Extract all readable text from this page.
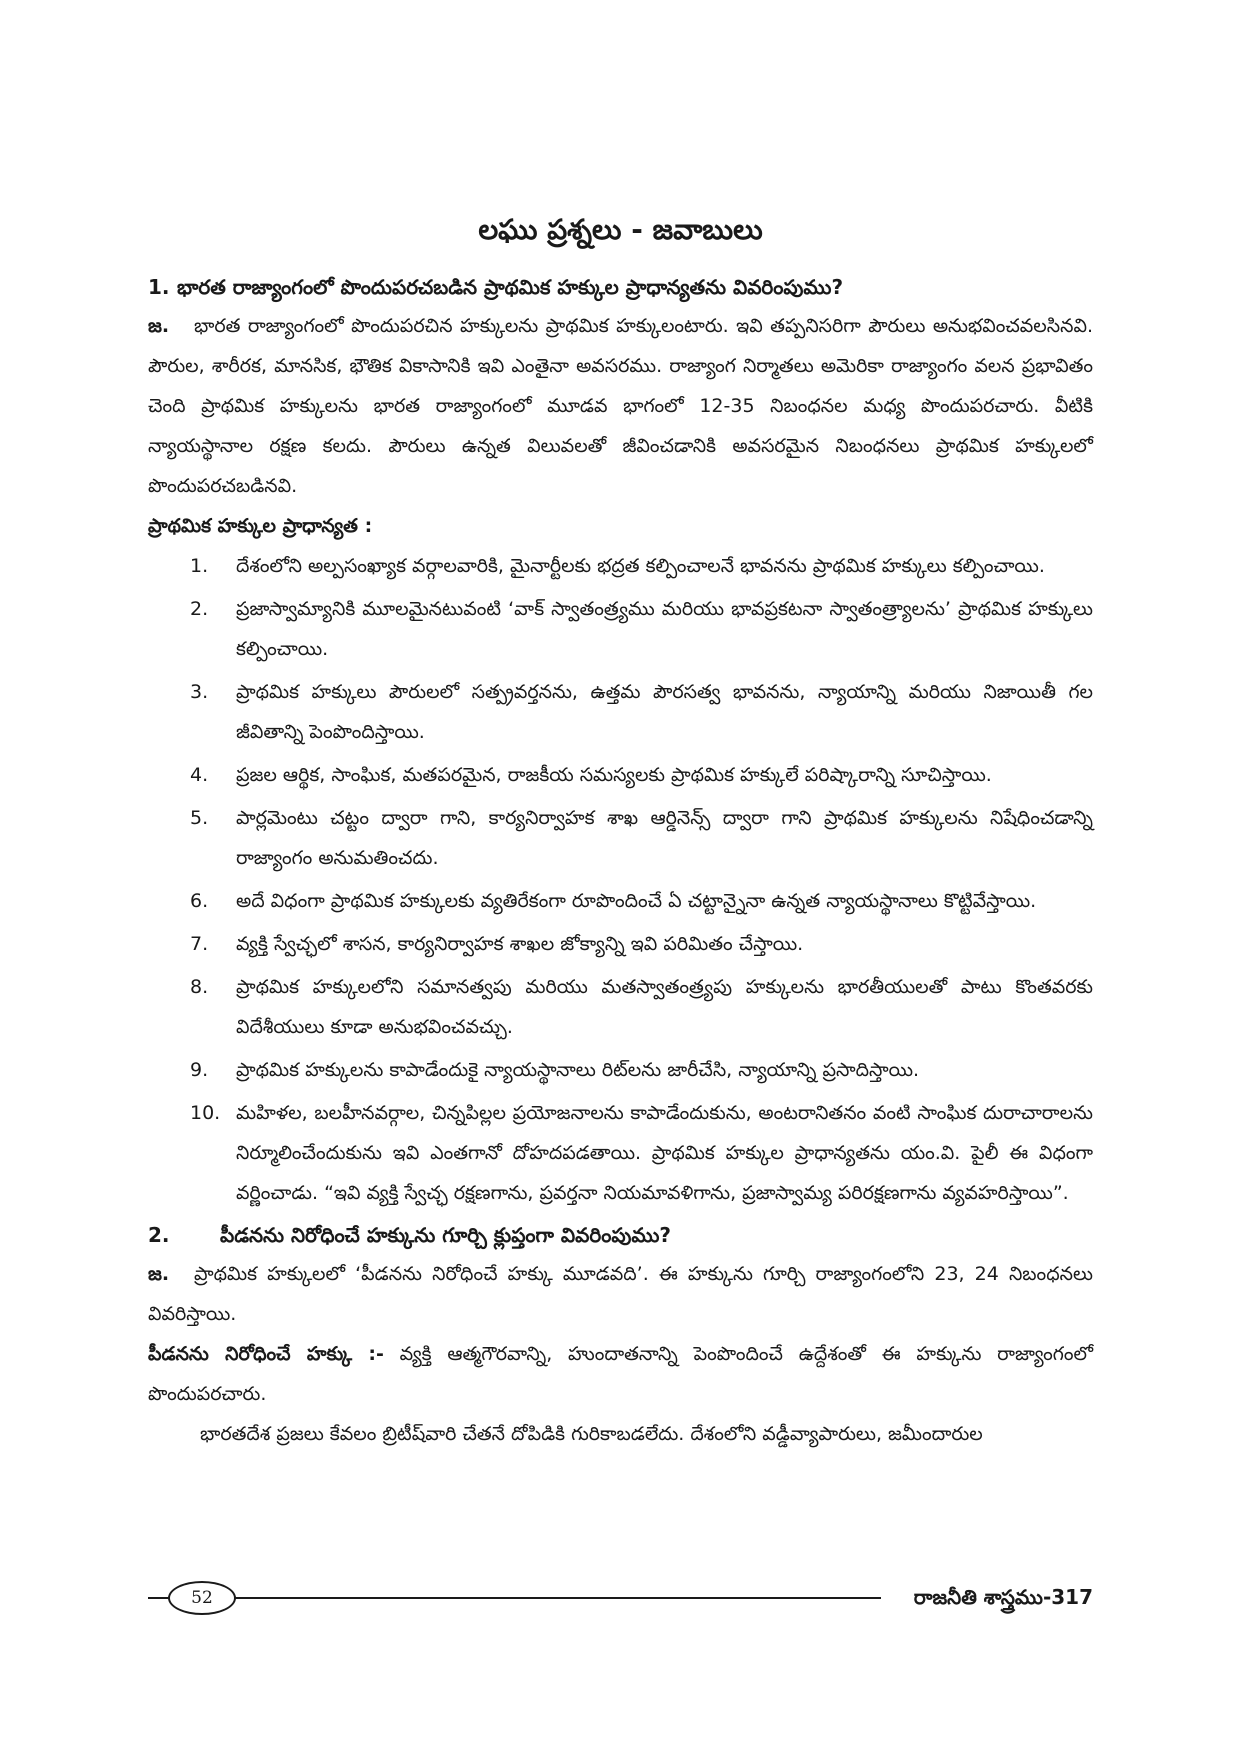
లఘు ప్రశ్నలు - జవాబులు

1. భారత రాజ్యాంగంలో పొందుపరచబడిన ప్రాథమిక హక్కుల ప్రాధాన్యతను వివరింపుము?

జ. భారత రాజ్యాంగంలో పొందుపరచిన హక్కులను ప్రాథమిక హక్కులంటారు. ఇవి తప్పనిసరిగా పౌరులు అనుభవించవలసినవి. పౌరుల, శారీరక, మానసిక, భౌతిక వికాసానికి ఇవి ఎంతైనా అవసరము. రాజ్యాంగ నిర్మాతలు అమెరికా రాజ్యాంగం వలన ప్రభావితం చెంది ప్రాథమిక హక్కులను భారత రాజ్యాంగంలో మూడవ భాగంలో 12-35 నిబంధనల మధ్య పొందుపరచారు. వీటికి న్యాయస్థానాల రక్షణ కలదు. పౌరులు ఉన్నత విలువలతో జీవించడానికి అవసరమైన నిబంధనలు ప్రాథమిక హక్కులలో పొందుపరచబడినవి.

ప్రాథమిక హక్కుల ప్రాధాన్యత :

1.	దేశంలోని అల్పసంఖ్యాక వర్గాలవారికి, మైనార్టీలకు భద్రత కల్పించాలనే భావనను ప్రాథమిక హక్కులు కల్పించాయి.
2.	ప్రజాస్వామ్యానికి మూలమైనటువంటి ‘వాక్ స్వాతంత్ర్యము మరియు భావప్రకటనా స్వాతంత్ర్యాలను’ ప్రాథమిక హక్కులు కల్పించాయి.
3.	ప్రాథమిక హక్కులు పౌరులలో సత్ప్రవర్తనను, ఉత్తమ పౌరసత్వ భావనను, న్యాయాన్ని మరియు నిజాయితీ గల జీవితాన్ని పెంపొందిస్తాయి.
4.	ప్రజల ఆర్థిక, సాంఘిక, మతపరమైన, రాజకీయ సమస్యలకు ప్రాథమిక హక్కులే పరిష్కారాన్ని సూచిస్తాయి.
5.	పార్లమెంటు చట్టం ద్వారా గాని, కార్యనిర్వాహక శాఖ ఆర్డినెన్స్ ద్వారా గాని ప్రాథమిక హక్కులను నిషేధించడాన్ని రాజ్యాంగం అనుమతించదు.
6.	అదే విధంగా ప్రాథమిక హక్కులకు వ్యతిరేకంగా రూపొందించే ఏ చట్టాన్నైనా ఉన్నత న్యాయస్థానాలు కొట్టివేస్తాయి.
7.	వ్యక్తి స్వేచ్ఛలో శాసన, కార్యనిర్వాహక శాఖల జోక్యాన్ని ఇవి పరిమితం చేస్తాయి.
8.	ప్రాథమిక హక్కులలోని సమానత్వపు మరియు మతస్వాతంత్ర్యపు హక్కులను భారతీయులతో పాటు కొంతవరకు విదేశీయులు కూడా అనుభవించవచ్చు.
9.	ప్రాథమిక హక్కులను కాపాడేందుకై న్యాయస్థానాలు రిట్‌లను జారీచేసి, న్యాయాన్ని ప్రసాదిస్తాయి.
10. మహిళల, బలహీనవర్గాల, చిన్నపిల్లల ప్రయోజనాలను కాపాడేందుకును, అంటరానితనం వంటి సాంఘిక దురాచారాలను నిర్మూలించేందుకును ఇవి ఎంతగానో దోహదపడతాయి. ప్రాథమిక హక్కుల ప్రాధాన్యతను యం.వి. పైలీ ఈ విధంగా వర్ణించాడు. “ఇవి వ్యక్తి స్వేచ్ఛ రక్షణగాను, ప్రవర్తనా నియమావళిగాను, ప్రజాస్వామ్య పరిరక్షణగాను వ్యవహరిస్తాయి”.

2.	పీడనను నిరోధించే హక్కును గూర్చి క్లుప్తంగా వివరింపుము?

జ. ప్రాథమిక హక్కులలో ‘పీడనను నిరోధించే హక్కు మూడవది’. ఈ హక్కును గూర్చి రాజ్యాంగంలోని 23, 24 నిబంధనలు వివరిస్తాయి.

పీడనను నిరోధించే హక్కు :- వ్యక్తి ఆత్మగౌరవాన్ని, హుందాతనాన్ని పెంపొందించే ఉద్దేశంతో ఈ హక్కును రాజ్యాంగంలో పొందుపరచారు.

భారతదేశ ప్రజలు కేవలం బ్రిటీష్‌వారి చేతనే దోపిడికి గురికాబడలేదు. దేశంలోని వడ్డీవ్యాపారులు, జమీందారుల

52	రాజనీతి శాస్త్రము-317
